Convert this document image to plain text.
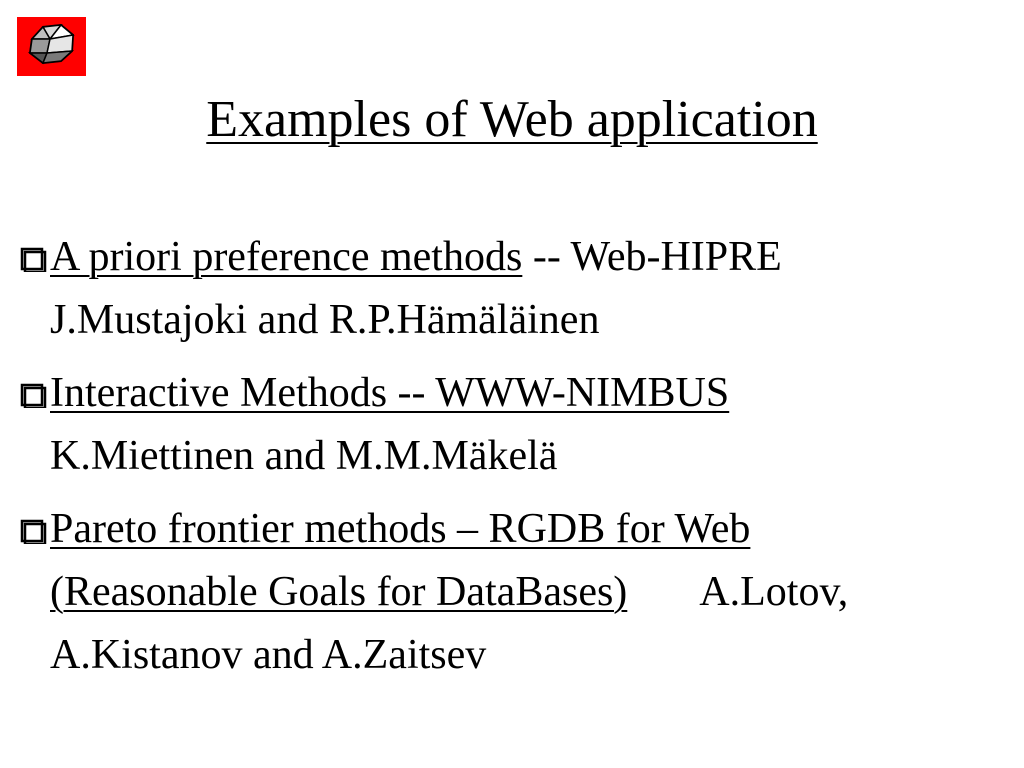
Examples of Web application
A priori preference methods -- Web-HIPRE
J.Mustajoki and R.P.Hämäläinen
Interactive Methods -- WWW-NIMBUS
K.Miettinen and M.M.Mäkelä
Pareto frontier methods – RGDB for Web
(Reasonable Goals for DataBases) A.Lotov,
A.Kistanov and A.Zaitsev
